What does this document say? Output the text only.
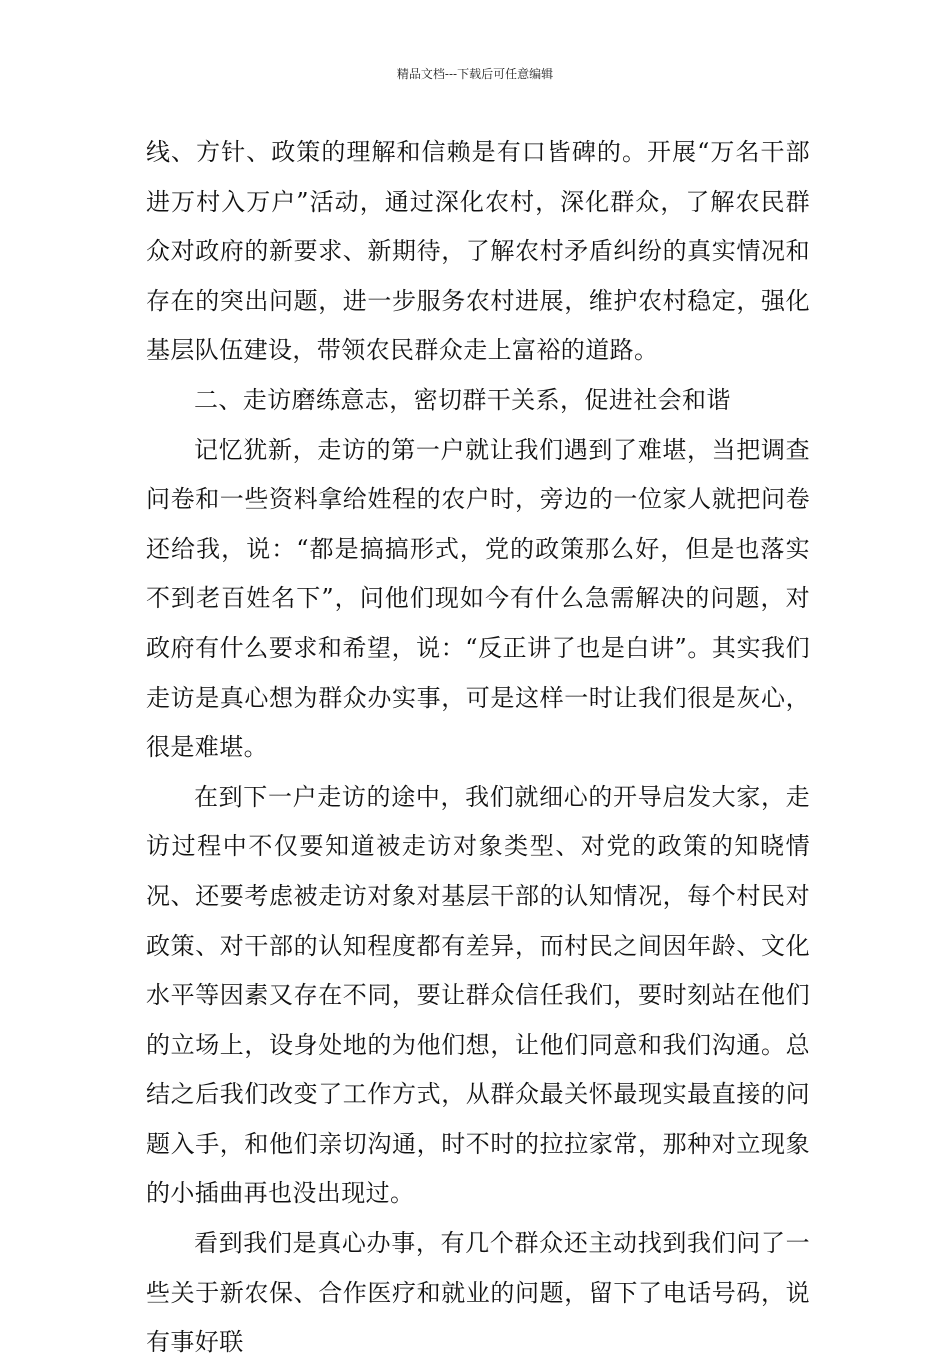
精品文档---下载后可任意编辑

线、方针、政策的理解和信赖是有口皆碑的。开展“万名干部进万村入万户”活动，通过深化农村，深化群众，了解农民群众对政府的新要求、新期待，了解农村矛盾纠纷的真实情况和存在的突出问题，进一步服务农村进展，维护农村稳定，强化基层队伍建设，带领农民群众走上富裕的道路。

二、走访磨练意志，密切群干关系，促进社会和谐

记忆犹新，走访的第一户就让我们遇到了难堪，当把调查问卷和一些资料拿给姓程的农户时，旁边的一位家人就把问卷还给我，说：“都是搞搞形式，党的政策那么好，但是也落实不到老百姓名下”，问他们现如今有什么急需解决的问题，对政府有什么要求和希望，说：“反正讲了也是白讲”。其实我们走访是真心想为群众办实事，可是这样一时让我们很是灰心，很是难堪。

在到下一户走访的途中，我们就细心的开导启发大家，走访过程中不仅要知道被走访对象类型、对党的政策的知晓情况、还要考虑被走访对象对基层干部的认知情况，每个村民对政策、对干部的认知程度都有差异，而村民之间因年龄、文化水平等因素又存在不同，要让群众信任我们，要时刻站在他们的立场上，设身处地的为他们想，让他们同意和我们沟通。总结之后我们改变了工作方式，从群众最关怀最现实最直接的问题入手，和他们亲切沟通，时不时的拉拉家常，那种对立现象的小插曲再也没出现过。

看到我们是真心办事，有几个群众还主动找到我们问了一些关于新农保、合作医疗和就业的问题，留下了电话号码，说有事好联
